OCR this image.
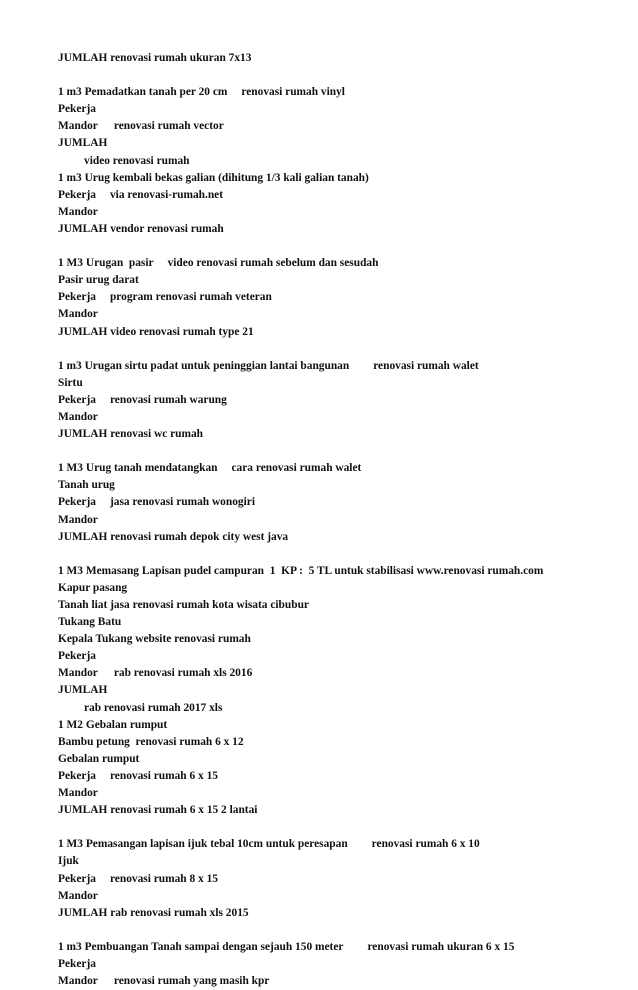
JUMLAH renovasi rumah ukuran 7x13
1 m3 Pemadatkan tanah per 20 cm renovasi rumah vinyl
Pekerja
Mandor renovasi rumah vector
JUMLAH
video renovasi rumah
1 m3 Urug kembali bekas galian (dihitung 1/3 kali galian tanah)
Pekerja via renovasi-rumah.net
Mandor
JUMLAH vendor renovasi rumah
1 M3 Urugan  pasir video renovasi rumah sebelum dan sesudah
Pasir urug darat
Pekerja program renovasi rumah veteran
Mandor
JUMLAH video renovasi rumah type 21
1 m3 Urugan sirtu padat untuk peninggian lantai bangunan renovasi rumah walet
Sirtu
Pekerja renovasi rumah warung
Mandor
JUMLAH renovasi wc rumah
1 M3 Urug tanah mendatangkan cara renovasi rumah walet
Tanah urug
Pekerja jasa renovasi rumah wonogiri
Mandor
JUMLAH renovasi rumah depok city west java
1 M3 Memasang Lapisan pudel campuran  1  KP :  5 TL untuk stabilisasi www.renovasi rumah.com
Kapur pasang
Tanah liat jasa renovasi rumah kota wisata cibubur
Tukang Batu
Kepala Tukang website renovasi rumah
Pekerja
Mandor rab renovasi rumah xls 2016
JUMLAH
rab renovasi rumah 2017 xls
1 M2 Gebalan rumput
Bambu petung  renovasi rumah 6 x 12
Gebalan rumput
Pekerja renovasi rumah 6 x 15
Mandor
JUMLAH renovasi rumah 6 x 15 2 lantai
1 M3 Pemasangan lapisan ijuk tebal 10cm untuk peresapan renovasi rumah 6 x 10
Ijuk
Pekerja renovasi rumah 8 x 15
Mandor
JUMLAH rab renovasi rumah xls 2015
1 m3 Pembuangan Tanah sampai dengan sejauh 150 meter renovasi rumah ukuran 6 x 15
Pekerja
Mandor renovasi rumah yang masih kpr
